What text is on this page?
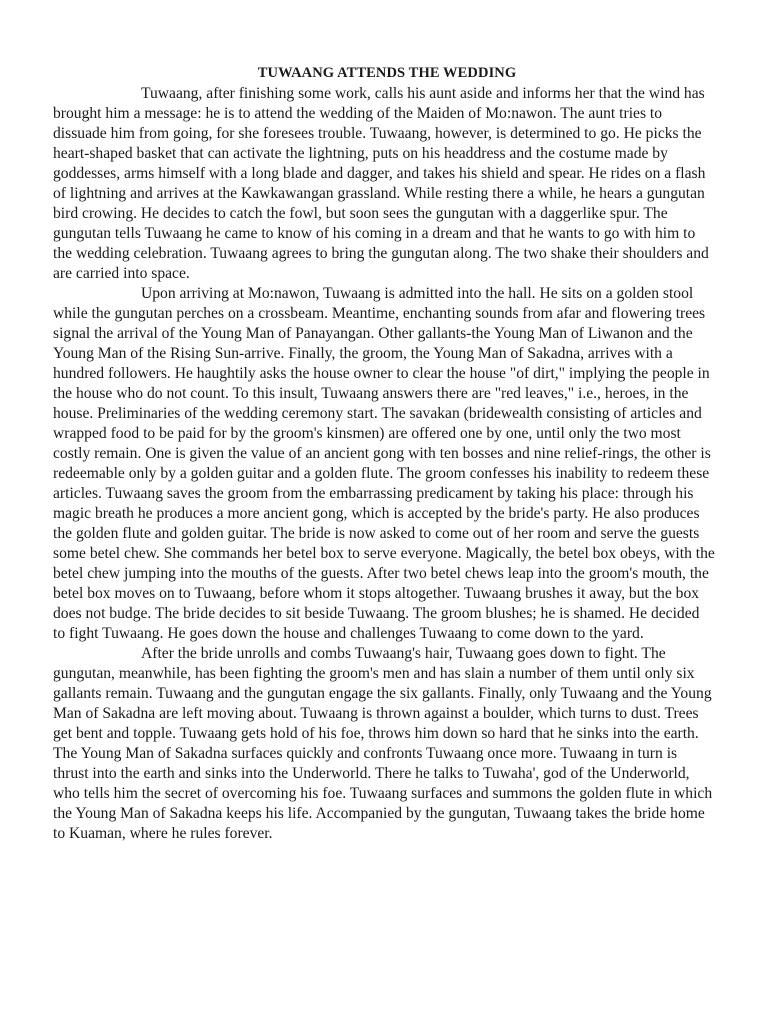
TUWAANG ATTENDS THE WEDDING

Tuwaang, after finishing some work, calls his aunt aside and informs her that the wind has brought him a message: he is to attend the wedding of the Maiden of Mo:nawon. The aunt tries to dissuade him from going, for she foresees trouble. Tuwaang, however, is determined to go. He picks the heart-shaped basket that can activate the lightning, puts on his headdress and the costume made by goddesses, arms himself with a long blade and dagger, and takes his shield and spear. He rides on a flash of lightning and arrives at the Kawkawangan grassland. While resting there a while, he hears a gungutan bird crowing. He decides to catch the fowl, but soon sees the gungutan with a daggerlike spur. The gungutan tells Tuwaang he came to know of his coming in a dream and that he wants to go with him to the wedding celebration. Tuwaang agrees to bring the gungutan along. The two shake their shoulders and are carried into space.

Upon arriving at Mo:nawon, Tuwaang is admitted into the hall. He sits on a golden stool while the gungutan perches on a crossbeam. Meantime, enchanting sounds from afar and flowering trees signal the arrival of the Young Man of Panayangan. Other gallants-the Young Man of Liwanon and the Young Man of the Rising Sun-arrive. Finally, the groom, the Young Man of Sakadna, arrives with a hundred followers. He haughtily asks the house owner to clear the house "of dirt," implying the people in the house who do not count. To this insult, Tuwaang answers there are "red leaves," i.e., heroes, in the house. Preliminaries of the wedding ceremony start. The savakan (bridewealth consisting of articles and wrapped food to be paid for by the groom's kinsmen) are offered one by one, until only the two most costly remain. One is given the value of an ancient gong with ten bosses and nine relief-rings, the other is redeemable only by a golden guitar and a golden flute. The groom confesses his inability to redeem these articles. Tuwaang saves the groom from the embarrassing predicament by taking his place: through his magic breath he produces a more ancient gong, which is accepted by the bride's party. He also produces the golden flute and golden guitar. The bride is now asked to come out of her room and serve the guests some betel chew. She commands her betel box to serve everyone. Magically, the betel box obeys, with the betel chew jumping into the mouths of the guests. After two betel chews leap into the groom's mouth, the betel box moves on to Tuwaang, before whom it stops altogether. Tuwaang brushes it away, but the box does not budge. The bride decides to sit beside Tuwaang. The groom blushes; he is shamed. He decided to fight Tuwaang. He goes down the house and challenges Tuwaang to come down to the yard.

After the bride unrolls and combs Tuwaang's hair, Tuwaang goes down to fight. The gungutan, meanwhile, has been fighting the groom's men and has slain a number of them until only six gallants remain. Tuwaang and the gungutan engage the six gallants. Finally, only Tuwaang and the Young Man of Sakadna are left moving about. Tuwaang is thrown against a boulder, which turns to dust. Trees get bent and topple. Tuwaang gets hold of his foe, throws him down so hard that he sinks into the earth. The Young Man of Sakadna surfaces quickly and confronts Tuwaang once more. Tuwaang in turn is thrust into the earth and sinks into the Underworld. There he talks to Tuwaha', god of the Underworld, who tells him the secret of overcoming his foe. Tuwaang surfaces and summons the golden flute in which the Young Man of Sakadna keeps his life. Accompanied by the gungutan, Tuwaang takes the bride home to Kuaman, where he rules forever.
